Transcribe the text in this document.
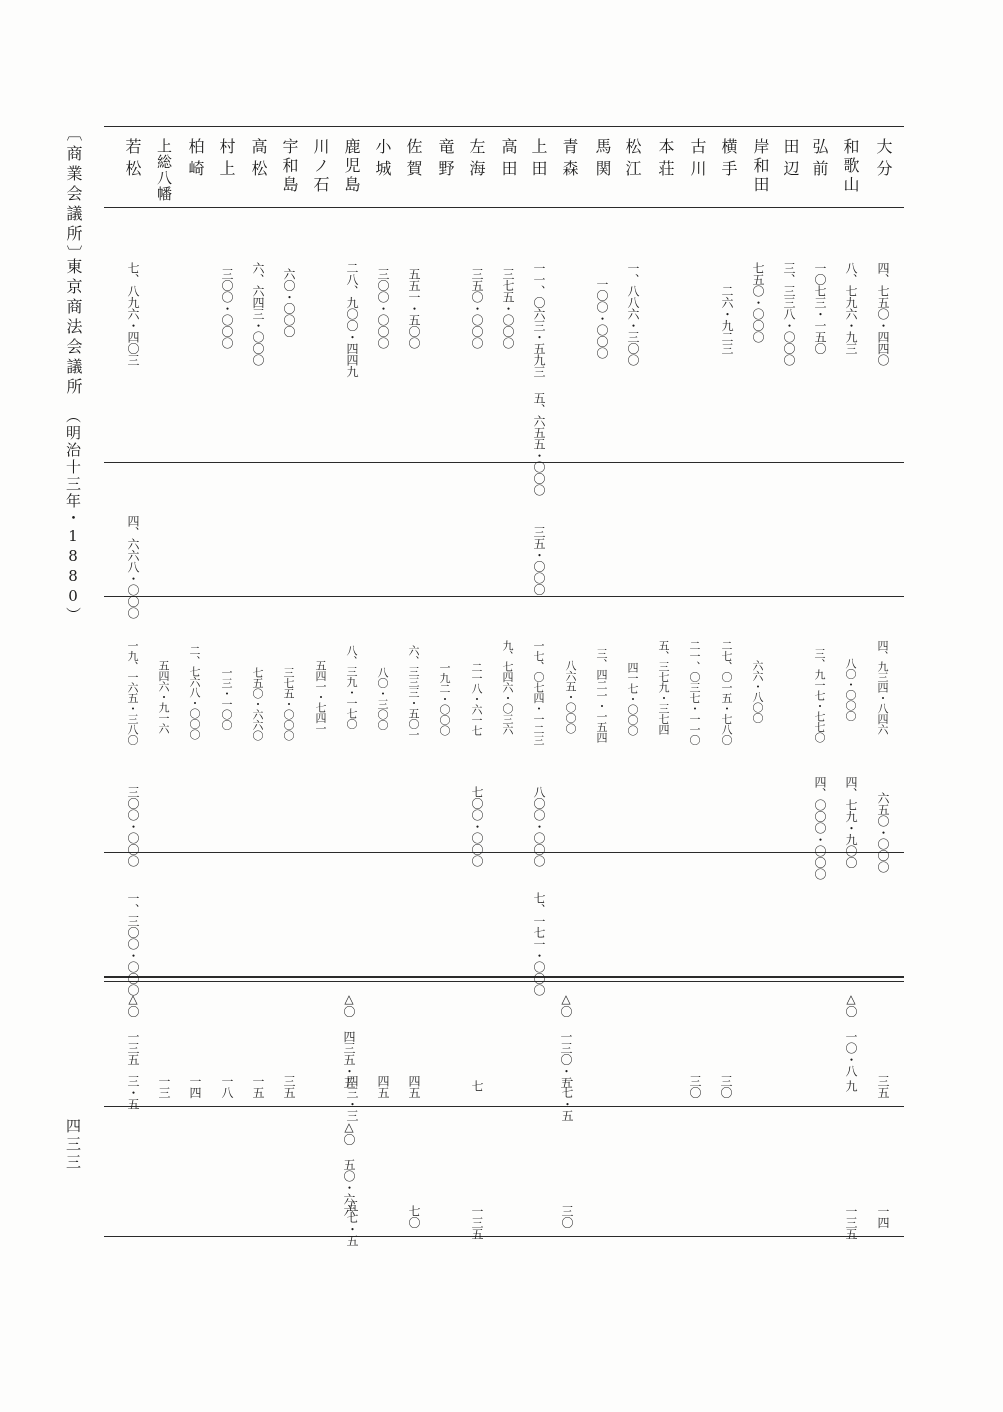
〔商業会議所〕
東京商法会議所
（明治十三年・1880）
四三三
大分
和歌山
弘前
田辺
岸和田
横手
古川
本荘
松江
馬関
青森
上田
高田
左海
竜野
佐賀
小城
鹿児島
川ノ石
宇和島
高松
村上
柏崎
上総八幡
若松
四、七五〇・四四〇
八、七九六・九三
一〇七三・一五〇
三、三三八・〇〇〇
七五〇・〇〇〇
二六・九二三
一、八八六・三〇〇
一〇〇・〇〇〇
一一、〇六三・五九三
三七五・〇〇〇
三五〇・〇〇〇
五五一・五〇〇
三〇〇・〇〇〇
二八、九〇〇・四四九
六〇・〇〇〇
六、六四三・〇〇〇
三〇〇・〇〇〇
七、八九六・四〇三
五、六五五・〇〇〇
三五・〇〇〇
四、六六八・〇〇〇
四、九三四・八四六
八〇・〇〇〇
三、九一七・七七〇
六六・八〇〇
二七、〇一五・七八〇
二一、〇三七・一一〇
五、三七九・三七四
四一七・〇〇〇
三、四二一・一五四
八六五・〇〇〇
一七、〇七四・一二三
九、七四六・〇三六
一九二・〇〇〇 二一八・六一七
六、三三三・五〇一
八〇・三〇〇
八、三九・一七〇
五四一・七四一
三七五・〇〇〇
七五〇・六六〇
一三・一〇〇
二、七六八・〇〇〇
五四六・九一六
一九、一六五・三八〇
六五〇・〇〇〇
四、七九・九〇〇
四、〇〇〇・〇〇〇
八〇〇・〇〇〇
七〇〇・〇〇〇
三〇〇・〇〇〇
七、一七一・〇〇〇
一、三〇〇・〇〇〇
△〇 一〇・八
△〇 一三〇・五
△〇 四三五・五
△〇 一三五
三五
九
三〇
三〇
一七・五
七
四五
四五
四三・三
三五
一五
一八
一四
一三
三・五
△〇 五〇・六六
一四
一三五
三〇
一三五
七〇
五七・五
